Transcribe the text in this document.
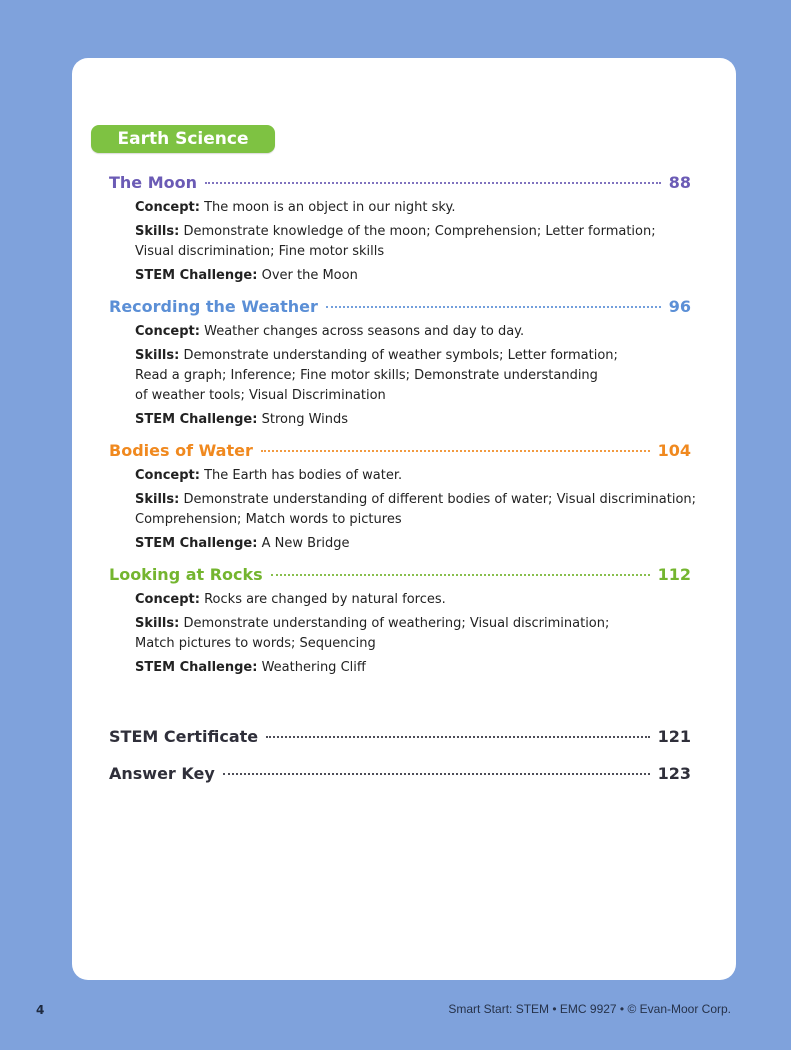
Earth Science
The Moon	88
Concept: The moon is an object in our night sky.
Skills: Demonstrate knowledge of the moon; Comprehension; Letter formation;
Visual discrimination; Fine motor skills
STEM Challenge: Over the Moon
Recording the Weather	96
Concept: Weather changes across seasons and day to day.
Skills: Demonstrate understanding of weather symbols; Letter formation;
Read a graph; Inference; Fine motor skills; Demonstrate understanding
of weather tools; Visual Discrimination
STEM Challenge: Strong Winds
Bodies of Water	104
Concept: The Earth has bodies of water.
Skills: Demonstrate understanding of different bodies of water; Visual discrimination;
Comprehension; Match words to pictures
STEM Challenge: A New Bridge
Looking at Rocks	112
Concept: Rocks are changed by natural forces.
Skills: Demonstrate understanding of weathering; Visual discrimination;
Match pictures to words; Sequencing
STEM Challenge: Weathering Cliff
STEM Certificate	121
Answer Key	123
4	Smart Start: STEM • EMC 9927 • © Evan-Moor Corp.
